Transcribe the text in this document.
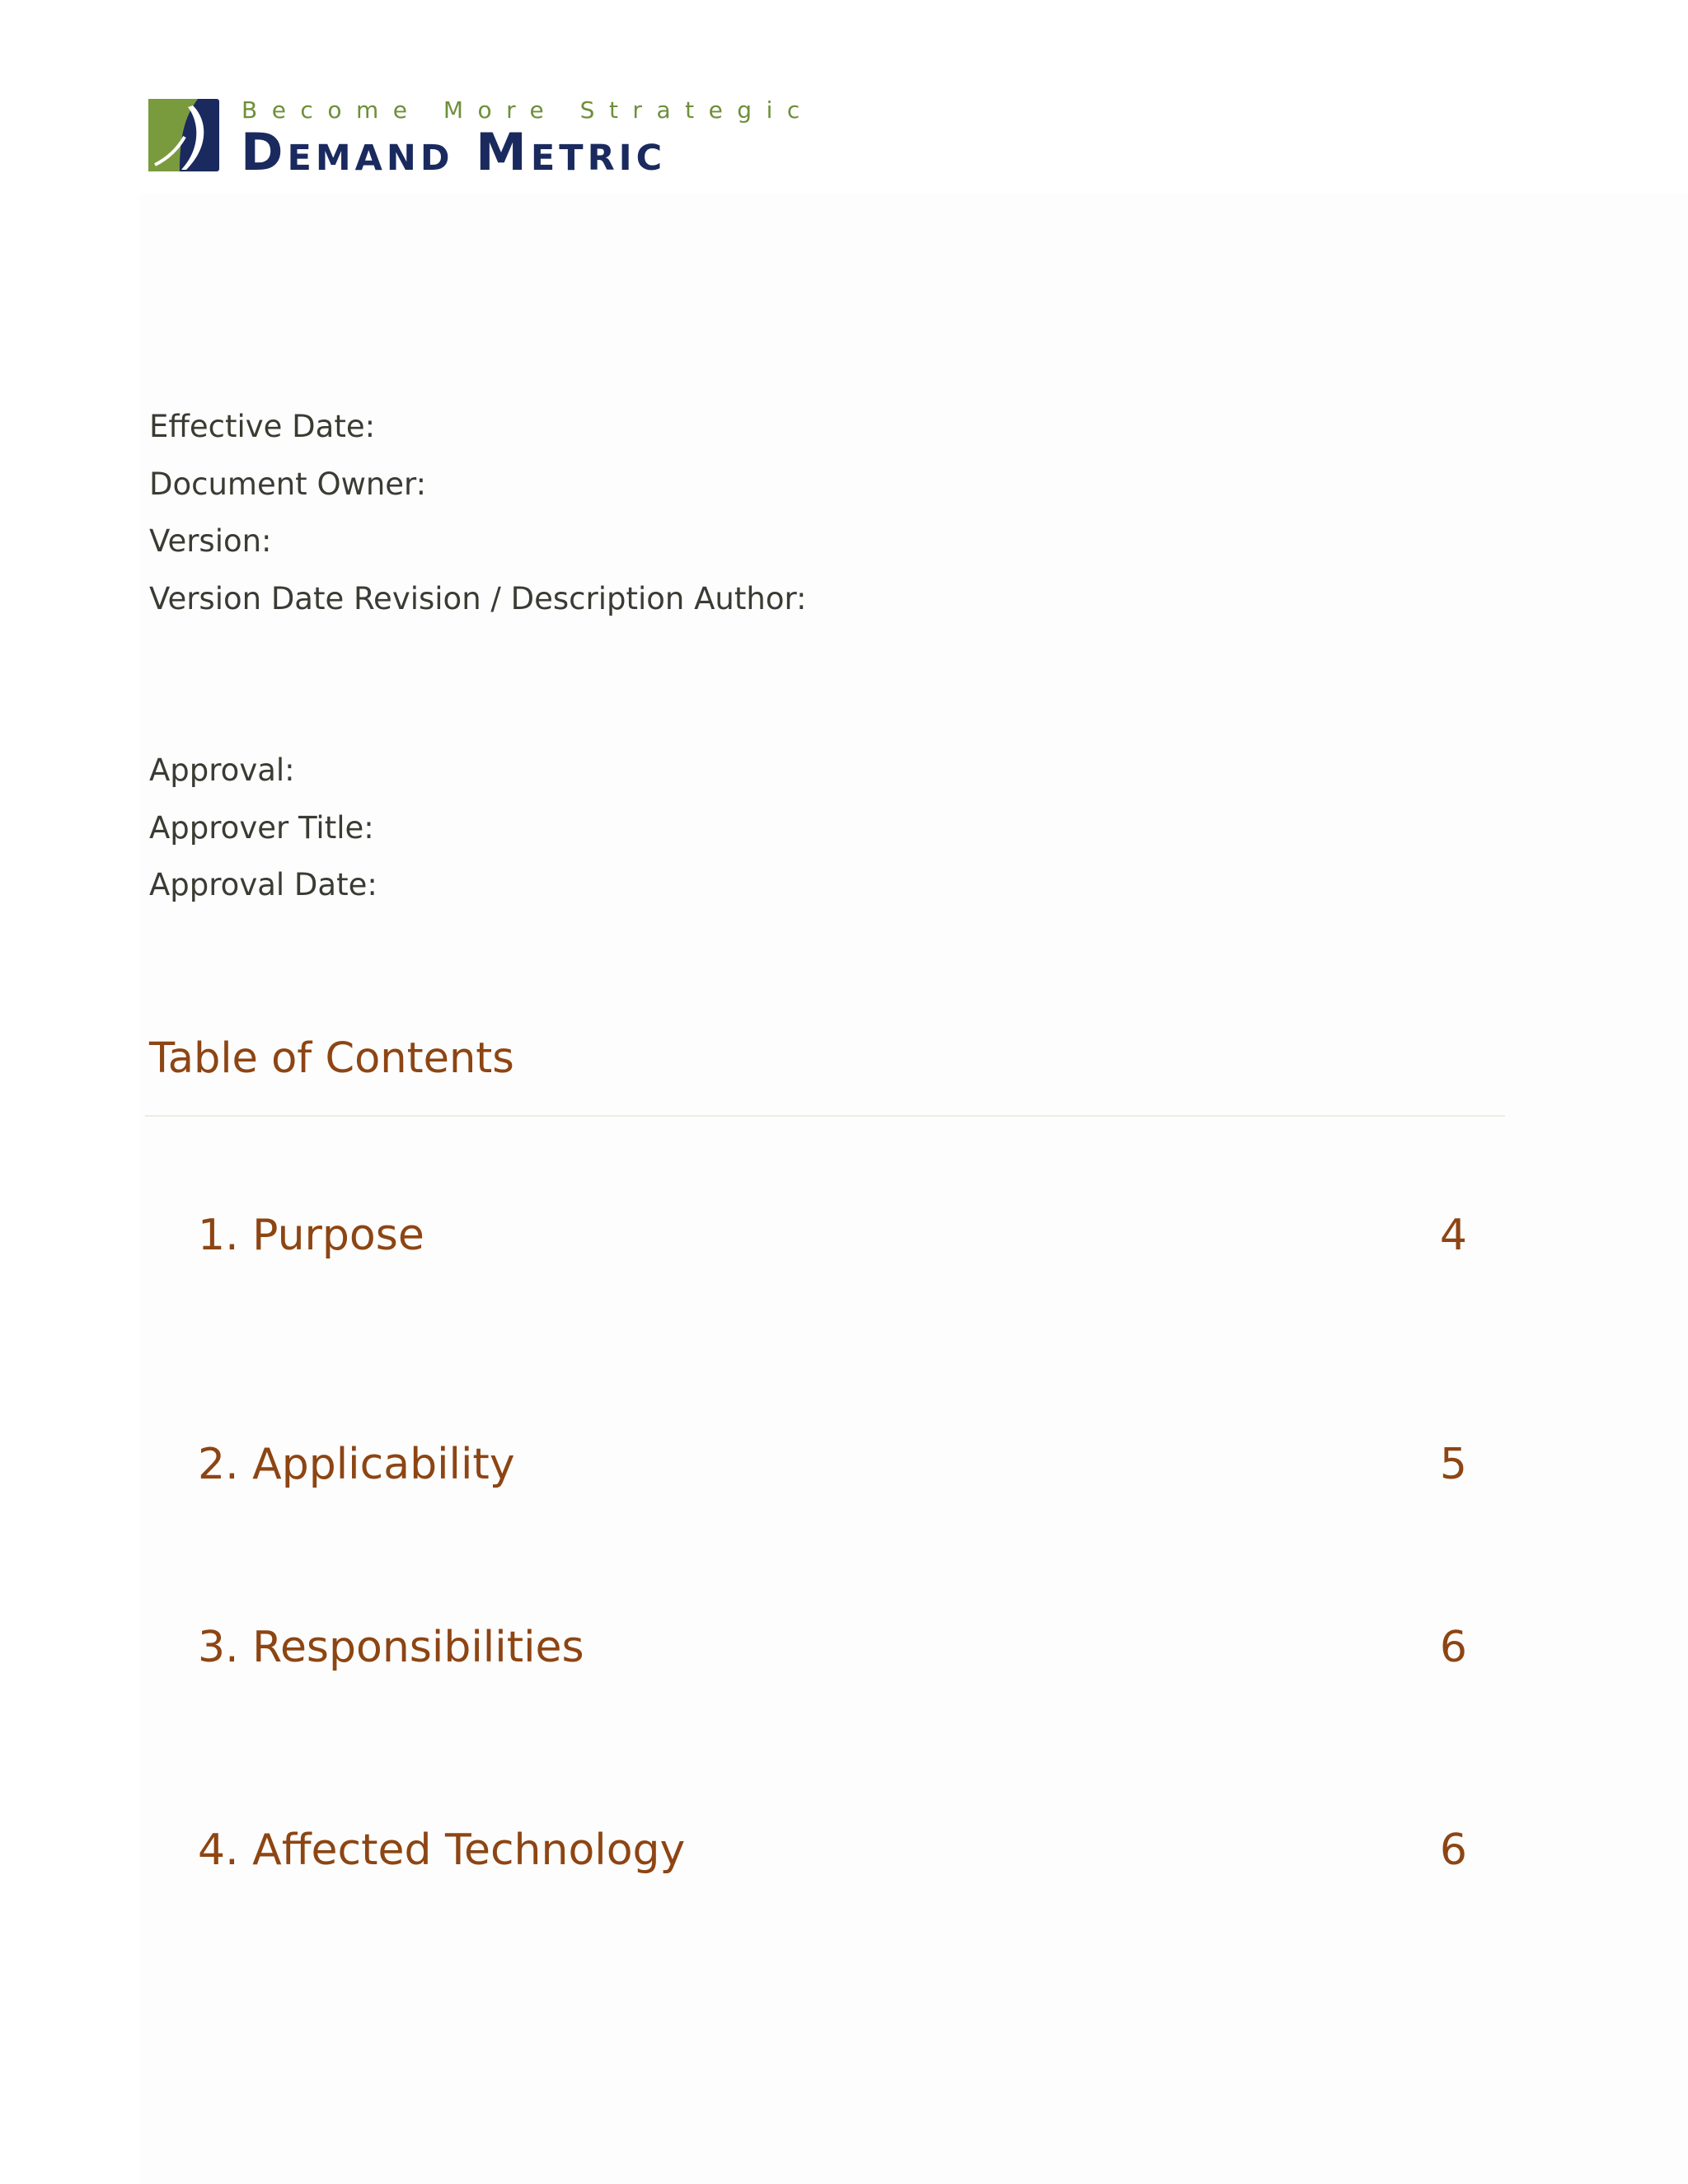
Become More Strategic
Demand Metric
Effective Date:
Document Owner:
Version:
Version Date Revision / Description Author:
Approval:
Approver Title:
Approval Date:
Table of Contents
1. Purpose	4
2. Applicability	5
3. Responsibilities	6
4. Affected Technology	6
